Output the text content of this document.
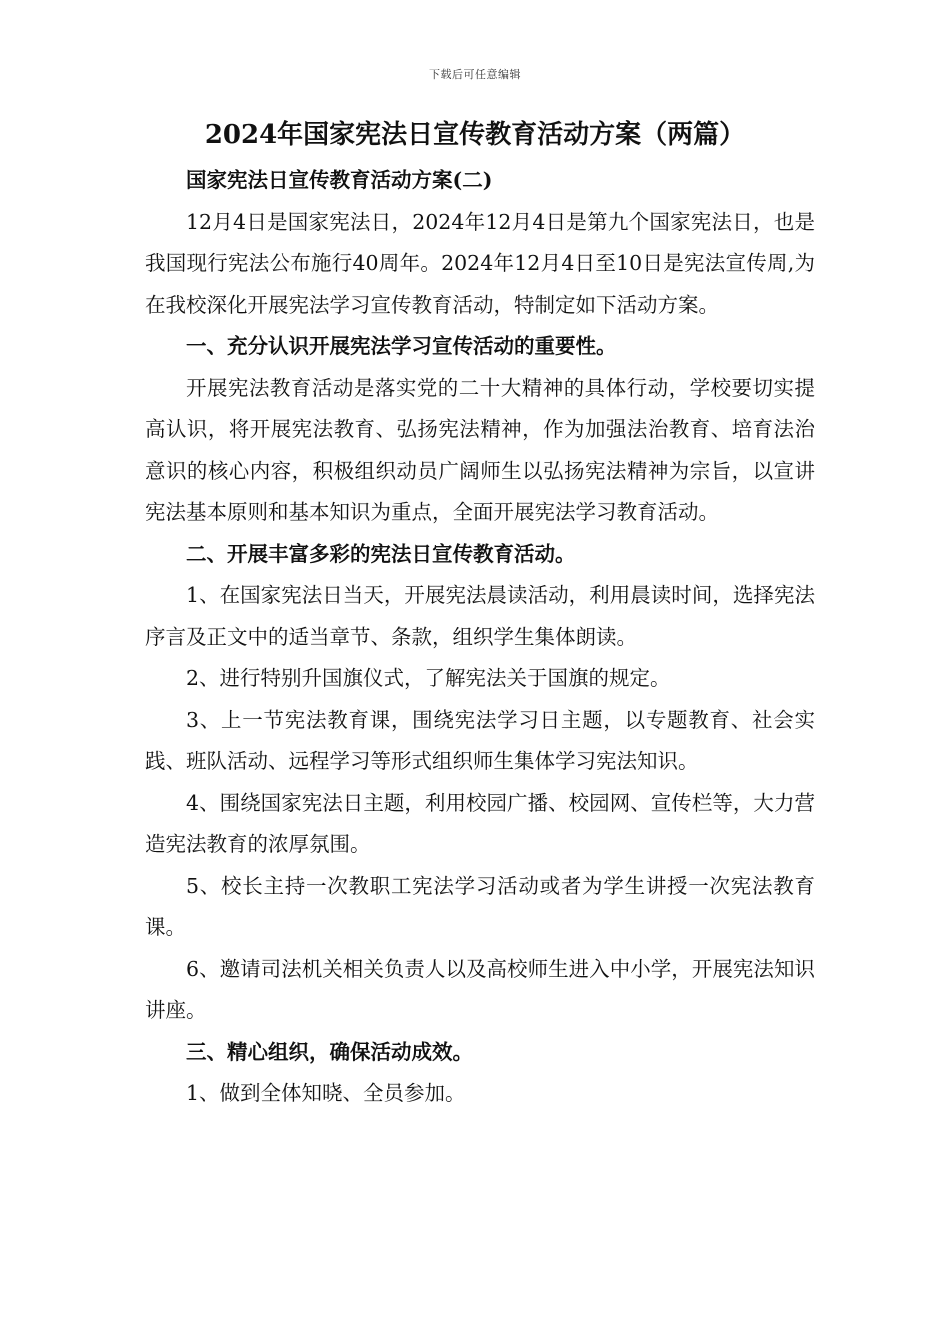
下载后可任意编辑
2024年国家宪法日宣传教育活动方案（两篇）

国家宪法日宣传教育活动方案(二)

12月4日是国家宪法日，2024年12月4日是第九个国家宪法日，也是我国现行宪法公布施行40周年。2024年12月4日至10日是宪法宣传周,为在我校深化开展宪法学习宣传教育活动，特制定如下活动方案。

一、充分认识开展宪法学习宣传活动的重要性。

开展宪法教育活动是落实党的二十大精神的具体行动，学校要切实提高认识，将开展宪法教育、弘扬宪法精神，作为加强法治教育、培育法治意识的核心内容，积极组织动员广阔师生以弘扬宪法精神为宗旨，以宣讲宪法基本原则和基本知识为重点，全面开展宪法学习教育活动。

二、开展丰富多彩的宪法日宣传教育活动。

1、在国家宪法日当天，开展宪法晨读活动，利用晨读时间，选择宪法序言及正文中的适当章节、条款，组织学生集体朗读。

2、进行特别升国旗仪式，了解宪法关于国旗的规定。

3、上一节宪法教育课，围绕宪法学习日主题，以专题教育、社会实践、班队活动、远程学习等形式组织师生集体学习宪法知识。

4、围绕国家宪法日主题，利用校园广播、校园网、宣传栏等，大力营造宪法教育的浓厚氛围。

5、校长主持一次教职工宪法学习活动或者为学生讲授一次宪法教育课。

6、邀请司法机关相关负责人以及高校师生进入中小学，开展宪法知识讲座。

三、精心组织，确保活动成效。

1、做到全体知晓、全员参加。
